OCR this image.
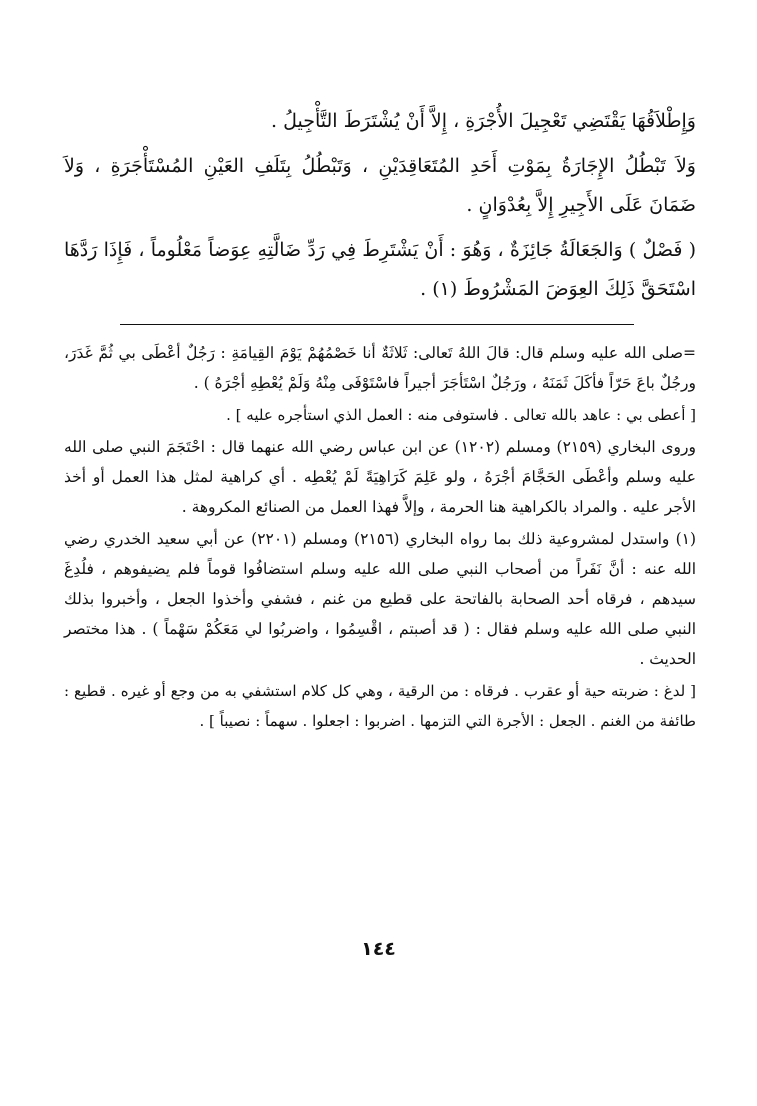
وَإِطْلاَقُهَا يَقْتَضِي تَعْجِيلَ الأُجْرَةِ ، إِلاَّ أَنْ يُشْتَرَطَ التَّأْجِيلُ .

وَلاَ تَبْطُلُ الإِجَارَةُ بِمَوْتِ أَحَدِ المُتَعَاقِدَيْنِ ، وَتَبْطُلُ بِتَلَفِ العَيْنِ المُسْتَأْجَرَةِ ، وَلاَ ضَمَانَ عَلَى الأَجِيرِ إِلاَّ بِعُدْوَانٍ .

( فَصْلٌ ) وَالجَعَالَةُ جَائِزَةٌ ، وَهُوَ : أَنْ يَشْتَرِطَ فِي رَدِّ ضَالَّتِهِ عِوَضاً مَعْلُوماً ، فَإِذَا رَدَّهَا اسْتَحَقَّ ذَلِكَ العِوَضَ المَشْرُوطَ (١) .

=صلى الله عليه وسلم قال: قالَ اللهُ تَعالى: ثَلاثَةٌ أنا خَصْمُهُمْ يَوْمَ القِيامَةِ : رَجُلٌ أعْطَى بي ثُمَّ غَدَرَ، ورجُلٌ باعَ حَرّاً فأكَلَ ثَمَنَهُ ، ورَجُلٌ اسْتَأجَرَ أجيراً فاسْتَوْفَى مِنْهُ وَلَمْ يُعْطِهِ أجْرَهُ ) .

[ أعطى بي : عاهد بالله تعالى . فاستوفى منه : العمل الذي استأجره عليه ] .

وروى البخاري (٢١٥٩) ومسلم (١٢٠٢) عن ابن عباس رضي الله عنهما قال : احْتَجَمَ النبي صلى الله عليه وسلم وأعْطَى الحَجَّامَ أجْرَهُ ، ولو عَلِمَ كَرَاهِيَةً لَمْ يُعْطِه . أي كراهية لمثل هذا العمل أو أخذ الأجر عليه . والمراد بالكراهية هنا الحرمة ، وإلاَّ فهذا العمل من الصنائع المكروهة .

(١) واستدل لمشروعية ذلك بما رواه البخاري (٢١٥٦) ومسلم (٢٢٠١) عن أبي سعيد الخدري رضي الله عنه : أنَّ نَفَراً من أصحاب النبي صلى الله عليه وسلم استضافُوا قوماً فلم يضيفوهم ، فلُدِغَ سيدهم ، فرقاه أحد الصحابة بالفاتحة على قطيع من غنم ، فشفي وأخذوا الجعل ، وأخبروا بذلك النبي صلى الله عليه وسلم فقال : ( قد أصبتم ، اقْسِمُوا ، واضربُوا لي مَعَكُمْ سَهْماً ) . هذا مختصر الحديث .

[ لدغ : ضربته حية أو عقرب . فرقاه : من الرقية ، وهي كل كلام استشفي به من وجع أو غيره . قطيع : طائفة من الغنم . الجعل : الأجرة التي التزمها . اضربوا : اجعلوا . سهماً : نصيباً ] .

١٤٤
